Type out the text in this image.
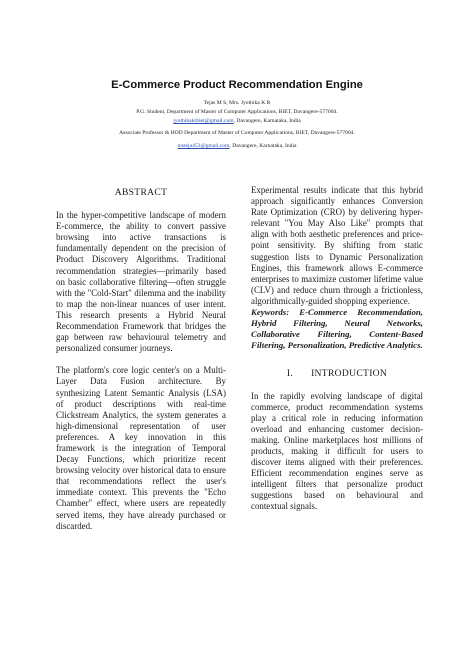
E-Commerce Product Recommendation Engine
Tejas M S, Mrs. Jyothika K R
P.G. Student, Department of Master of Computer Applications, BIET, Davangere-577004.
jyothikakrbiet@gmail.com, Davangere, Karnataka, India
Associate Professor & HOD Department of Master of Computer Applications, BIET, Davangere-577004.
msteja453@gmail.com, Davangere, Karnataka, India
ABSTRACT

In the hyper-competitive landscape of modern E-commerce, the ability to convert passive browsing into active transactions is fundamentally dependent on the precision of Product Discovery Algorithms. Traditional recommendation strategies—primarily based on basic collaborative filtering—often struggle with the "Cold-Start" dilemma and the inability to map the non-linear nuances of user intent. This research presents a Hybrid Neural Recommendation Framework that bridges the gap between raw behavioural telemetry and personalized consumer journeys.

The platform's core logic center's on a Multi-Layer Data Fusion architecture. By synthesizing Latent Semantic Analysis (LSA) of product descriptions with real-time Clickstream Analytics, the system generates a high-dimensional representation of user preferences. A key innovation in this framework is the integration of Temporal Decay Functions, which prioritize recent browsing velocity over historical data to ensure that recommendations reflect the user's immediate context. This prevents the "Echo Chamber" effect, where users are repeatedly served items, they have already purchased or discarded.

Experimental results indicate that this hybrid approach significantly enhances Conversion Rate Optimization (CRO) by delivering hyper-relevant "You May Also Like" prompts that align with both aesthetic preferences and price-point sensitivity. By shifting from static suggestion lists to Dynamic Personalization Engines, this framework allows E-commerce enterprises to maximize customer lifetime value (CLV) and reduce churn through a frictionless, algorithmically-guided shopping experience.

Keywords: E-Commerce Recommendation, Hybrid Filtering, Neural Networks, Collaborative Filtering, Content-Based Filtering, Personalization, Predictive Analytics.

I. INTRODUCTION

In the rapidly evolving landscape of digital commerce, product recommendation systems play a critical role in reducing information overload and enhancing customer decision-making. Online marketplaces host millions of products, making it difficult for users to discover items aligned with their preferences. Efficient recommendation engines serve as intelligent filters that personalize product suggestions based on behavioural and contextual signals.
